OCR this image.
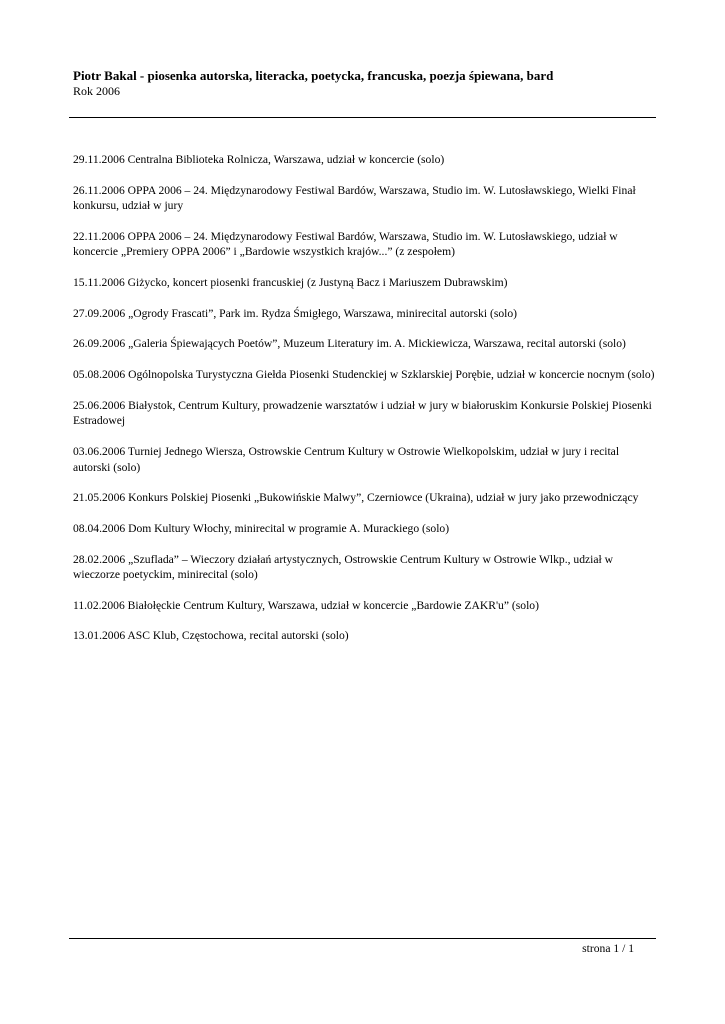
Piotr Bakal - piosenka autorska, literacka, poetycka, francuska, poezja śpiewana, bard
Rok 2006
29.11.2006 Centralna Biblioteka Rolnicza, Warszawa, udział w koncercie (solo)
26.11.2006 OPPA 2006 – 24. Międzynarodowy Festiwal Bardów, Warszawa, Studio im. W. Lutosławskiego, Wielki Finał konkursu, udział w jury
22.11.2006 OPPA 2006 – 24. Międzynarodowy Festiwal Bardów, Warszawa, Studio im. W. Lutosławskiego, udział w koncercie „Premiery OPPA 2006” i „Bardowie wszystkich krajów...” (z zespołem)
15.11.2006 Giżycko, koncert piosenki francuskiej (z Justyną Bacz i Mariuszem Dubrawskim)
27.09.2006 „Ogrody Frascati”, Park im. Rydza Śmigłego, Warszawa, minirecital autorski (solo)
26.09.2006 „Galeria Śpiewających Poetów”, Muzeum Literatury im. A. Mickiewicza, Warszawa, recital autorski (solo)
05.08.2006 Ogólnopolska Turystyczna Giełda Piosenki Studenckiej w Szklarskiej Porębie, udział w koncercie nocnym (solo)
25.06.2006 Białystok, Centrum Kultury, prowadzenie warsztatów i udział w jury w białoruskim Konkursie Polskiej Piosenki Estradowej
03.06.2006 Turniej Jednego Wiersza, Ostrowskie Centrum Kultury w Ostrowie Wielkopolskim, udział w jury i recital autorski (solo)
21.05.2006 Konkurs Polskiej Piosenki „Bukowińskie Malwy”, Czerniowce (Ukraina), udział w jury jako przewodniczący
08.04.2006 Dom Kultury Włochy, minirecital w programie A. Murackiego (solo)
28.02.2006 „Szuflada” – Wieczory działań artystycznych, Ostrowskie Centrum Kultury w Ostrowie Wlkp., udział w wieczorze poetyckim, minirecital (solo)
11.02.2006 Białołęckie Centrum Kultury, Warszawa, udział w koncercie „Bardowie ZAKR'u” (solo)
13.01.2006 ASC Klub, Częstochowa, recital autorski (solo)
strona 1 / 1
